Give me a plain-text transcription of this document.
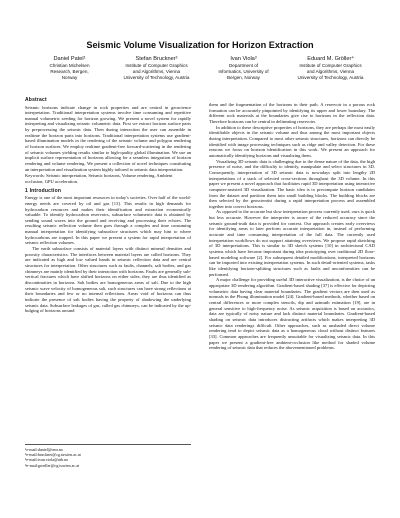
Seismic Volume Visualization for Horizon Extraction
Daniel Patel¹
Christian Michelsen
Research, Bergen,
Norway
Stefan Bruckner²
Institute of Computer Graphics
and Algorithms, Vienna
University of Technology, Austria
Ivan Viola³
Department of
Informatics, University of
Bergen, Norway
Eduard M. Gröller⁴
Institute of Computer Graphics
and Algorithms, Vienna
University of Technology, Austria
Abstract

Seismic horizons indicate change in rock properties and are central in geoscience interpretation. Traditional interpretation systems involve time consuming and repetitive manual volumetric seeding for horizon growing. We present a novel system for rapidly interpreting and visualizing seismic volumetric data. First we extract horizon surface parts by preprocessing the seismic data. Then during interaction the user can assemble in realtime the horizon parts into horizons. Traditional interpretation systems use gradient-based illumination models in the rendering of the seismic volume and polygon rendering of horizon surfaces. We employ realtime gradient-free forward-scattering in the rendering of seismic volumes yielding results similar to high-quality global illumination. We use an implicit surface representation of horizons allowing for a seamless integration of horizon rendering and volume rendering. We present a collection of novel techniques constituting an interpretation and visualization system highly tailored to seismic data interpretation.

Keywords: Seismic interpretation, Seismic horizons, Volume rendering, Ambient occlusion, GPU acceleration.

1 Introduction

Energy is one of the most important resources in today's societies. Over half of the world-energy needs are covered by oil and gas [13]. This results in high demands for hydrocarbon resources and makes their identification and extraction economically valuable. To identify hydrocarbon reservoirs, subsurface volumetric data is obtained by sending sound waves into the ground and receiving and processing their echoes. The resulting seismic reflection volume then goes through a complex and time consuming manual interpretation for identifying subsurface structures which may hint to where hydrocarbons are trapped. In this paper we present a system for rapid interpretation of seismic reflection volumes.

The earth subsurface consists of material layers with distinct mineral densities and porosity characteristics. The interfaces between material layers are called horizons. They are indicated as high and low valued bands in seismic reflection data and are central structures for interpretation. Other structures such as faults, channels, salt bodies, and gas chimneys are mainly identified by their interaction with horizons. Faults are generally sub-vertical fractures which have shifted horizons on either sides; they are thus identified as discontinuities in horizons. Salt bodies are homogeneous areas of salt. Due to the high seismic wave velocity of homogeneous salt, such structures can have strong reflections at their boundaries and few or no internal reflections. Areas void of horizons can thus indicate the presence of salt bodies having the property of shadowing the underlying seismic data. Subsurface leakages of gas, called gas chimneys, can be indicated by the up-bulging of horizons around

¹e-mail:daniel@cmr.no
²e-mail:bruckner@cg.tuwien.ac.at
³e-mail:ivan.viola@uib.no
⁴e-mail:groeller@cg.tuwien.ac.at

them and the fragmentation of the horizons in their path. A reservoir in a porous rock formation can be accurately pinpointed by identifying its upper and lower boundary. The different rock materials at the boundaries give rise to horizons in the reflection data. Therefore horizons can be central in delineating reservoirs.

In addition to these descriptive properties of horizons, they are perhaps the most easily identifiable objects in the seismic volume and thus among the most important objects during interpretation. Compared to most other seismic structures, horizons can directly be identified with image processing techniques such as ridge and valley detection. For these reasons we focus on horizon identification in this work. We present an approach for automatically identifying horizons and visualizing them.

Visualizing 3D seismic data is challenging due to the dense nature of the data, the high presence of noise, and the difficulty to identify, manipulate and select structures in 3D. Consequently, interpretation of 3D seismic data is nowadays split into lengthy 2D interpretations of a stack of selected cross-sections throughout the 3D volume. In this paper we present a novel approach that facilitates rapid 3D interpretation using interactive computer-assisted 3D visualization. The basic idea is to precompute horizon candidates from the dataset and partition them into small building blocks. The building blocks are then selected by the geoscientist during a rapid interpretation process and assembled together into correct horizons.

As opposed to the accurate but slow interpretation process currently used, ours is quick but less accurate. However the interpreter is aware of the reduced accuracy since the seismic ground-truth data is provided for context. Our approach creates early overviews for identifying areas to later perform accurate interpretation in, instead of performing accurate and time consuming interpretation of the full data. The currently used interpretation workflows do not support attaining overviews. We propose rapid sketching of 3D interpretations. This is similar to 3D sketch systems [10] in architectural CAD systems which have become important during idea prototyping over traditional 2D floor-based modeling software [2]. For subsequent detailed modifications, interpreted horizons can be imported into existing interpretation systems. In such detail-oriented systems, tasks like identifying horizon-splitting structures such as faults and unconformities can be performed.

A major challenge for providing useful 3D interactive visualization, is the choice of an appropriate 3D rendering algorithm. Gradient-based shading [37] is effective for depicting volumetric data having clear material boundaries. The gradient vectors are then used as normals in the Phong illumination model [24]. Gradient-based methods, whether based on central differences or more complex stencils, dip and azimuth estimation [19], are in general sensitive to high-frequency noise. As seismic acquisition is based on acoustics, data are typically of noisy nature and lack distinct material boundaries. Gradient-based shading on seismic data introduces distracting artifacts which makes interpreting 3D seismic data renderings difficult. Other approaches, such as unshaded direct volume rendering tend to depict seismic data as a homogeneous cloud without distinct features [33]. Common approaches are frequently unsuitable for visualizing seismic data. In this paper we present a gradient-free ambient-occlusion like method for shaded volume rendering of seismic data that reduces the abovementioned problems.
